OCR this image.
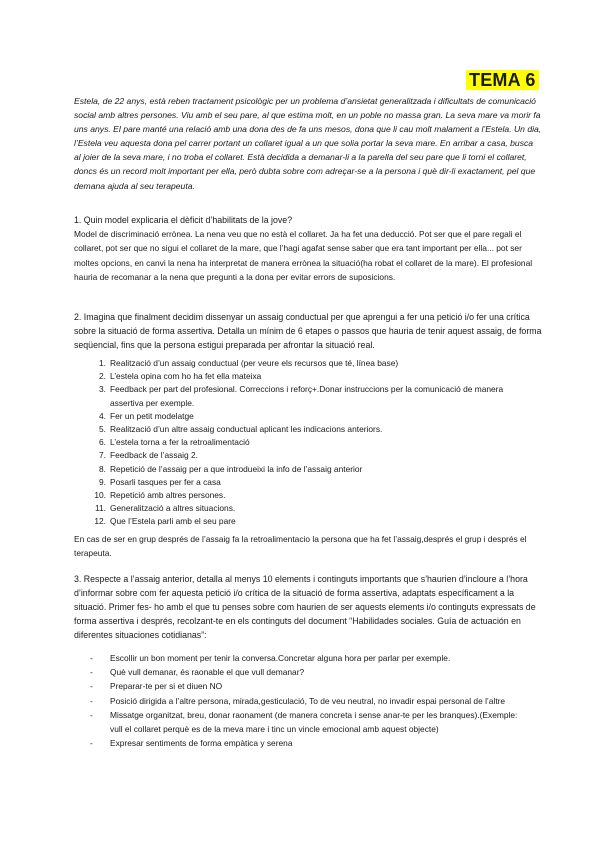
TEMA 6

Estela, de 22 anys, està reben tractament psicològic per un problema d’ansietat generalitzada i dificultats de comunicació social amb altres persones. Viu amb el seu pare, al que estima molt, en un poble no massa gran. La seva mare va morir fa uns anys. El pare manté una relació amb una dona des de fa uns mesos, dona que li cau molt malament a l’Estela. Un dia, l’Estela veu aquesta dona pel carrer portant un collaret igual a un que solia portar la seva mare. En arribar a casa, busca al joier de la seva mare, i no troba el collaret. Està decidida a demanar-li a la parella del seu pare que li torni el collaret, doncs és un record molt important per ella, però dubta sobre com adreçar-se a la persona i què dir-li exactament, pel que demana ajuda al seu terapeuta.

1. Quin model explicaria el dèficit d’habilitats de la jove?

Model de discriminació errònea. La nena veu que no està el collaret. Ja ha fet una deducció. Pot ser que el pare regali el collaret, pot ser que no sigui el collaret de la mare, que l’hagi agafat sense saber que era tant important per ella... pot ser moltes opcions, en canvi la nena ha interpretat de manera errònea la situació(ha robat el collaret de la mare). El profesional hauria de recomanar a la nena que pregunti a la dona per evitar errors de suposicions.

2. Imagina que finalment decidim dissenyar un assaig conductual per que aprengui a fer una petició i/o fer una crítica sobre la situació de forma assertiva. Detalla un mínim de 6 etapes o passos que hauria de tenir aquest assaig, de forma seqüencial, fins que la persona estigui preparada per afrontar la situació real.

1. Realització d’un assaig conductual (per veure els recursos que té, línea base)
2. L’estela opina com ho ha fet ella mateixa
3. Feedback per part del profesional. Correccions i reforç+.Donar instruccions per la comunicació de manera assertiva per exemple.
4. Fer un petit modelatge
5. Realització d’un altre assaig conductual aplicant les indicacions anteriors.
6. L’estela torna a fer la retroalimentació
7. Feedback de l’assaig 2.
8. Repetició de l’assaig per a que introdueixi la info de l’assaig anterior
9. Posarli tasques per fer a casa
10. Repetició amb altres persones.
11. Generalització a altres situacions.
12. Que l’Estela parli amb el seu pare

En cas de ser en grup després de l’assaig fa la retroalimentacio la persona que ha fet l’assaig,després el grup i després el terapeuta.

3. Respecte a l’assaig anterior, detalla al menys 10 elements i continguts importants que s’haurien d’incloure a l’hora d’informar sobre com fer aquesta petició i/o crítica de la situació de forma assertiva, adaptats específicament a la situació. Primer fes- ho amb el que tu penses sobre com haurien de ser aquests elements i/o continguts expressats de forma assertiva i després, recolzant-te en els continguts del document “Habilidades sociales. Guía de actuación en diferentes situaciones cotidianas”:

- Escollir un bon moment per tenir la conversa.Concretar alguna hora per parlar per exemple.
- Què vull demanar, és raonable el que vull demanar?
- Preparar-te per si et diuen NO
- Posició dirigida a l’altre persona, mirada,gesticulació, To de veu neutral, no invadir espai personal de l’altre
- Missatge organitzat, breu, donar raonament (de manera concreta i sense anar-te per les branques).(Exemple: vull el collaret perquè es de la meva mare i tinc un vincle emocional amb aquest objecte)
- Expresar sentiments de forma empàtica y serena
